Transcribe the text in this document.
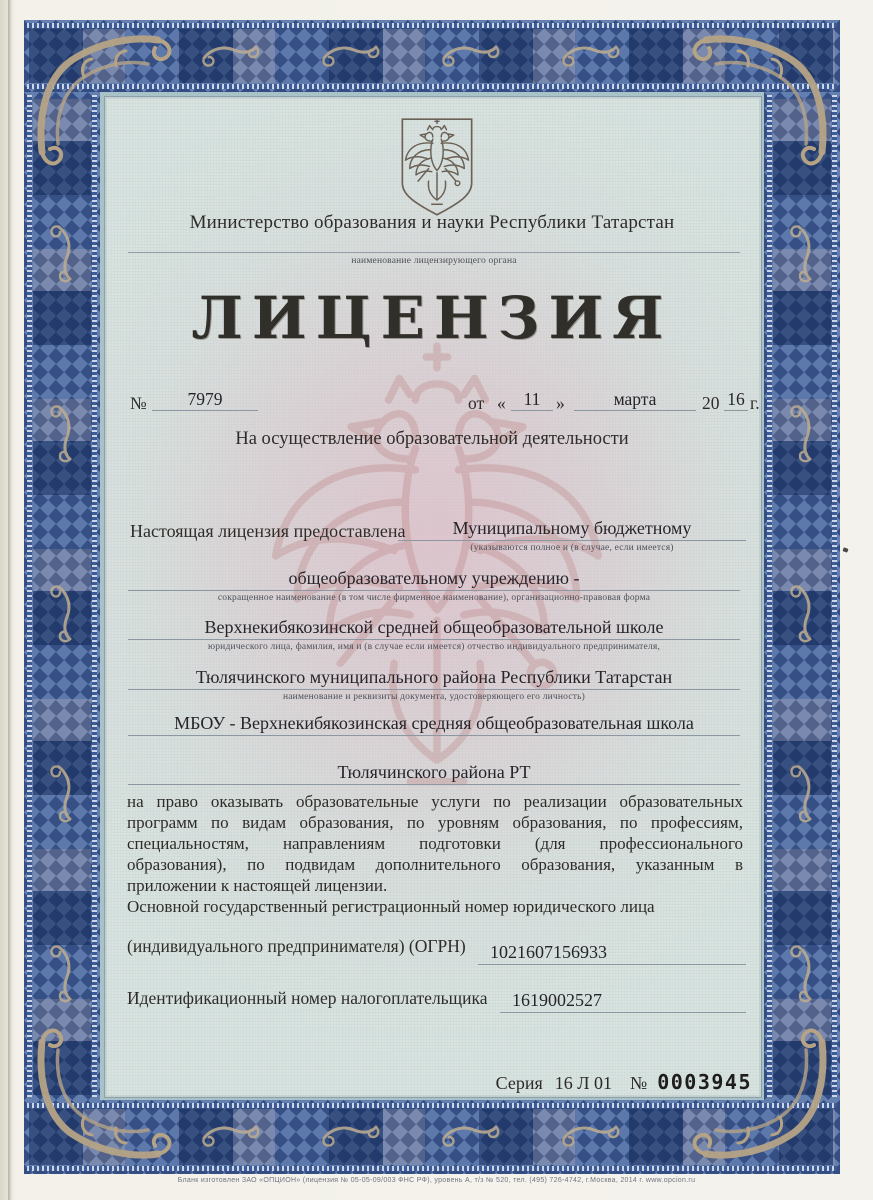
Министерство образования и науки Республики Татарстан
наименование лицензирующего органа
ЛИЦЕНЗИЯ
№	7979	от «	11 »	марта	20 16 г.
На осуществление образовательной деятельности
Настоящая лицензия предоставлена	Муниципальному бюджетному
(указываются полное и (в случае, если имеется)
общеобразовательному учреждению -
сокращенное наименование (в том числе фирменное наименование), организационно-правовая форма
Верхнекибякозинской средней общеобразовательной школе
юридического лица, фамилия, имя и (в случае если имеется) отчество индивидуального предпринимателя,
Тюлячинского муниципального района Республики Татарстан
наименование и реквизиты документа, удостоверяющего его личность)
МБОУ - Верхнекибякозинская средняя общеобразовательная школа
Тюлячинского района РТ
на право оказывать образовательные услуги по реализации образовательных
программ по видам образования, по уровням образования, по профессиям,
специальностям, направлениям подготовки (для профессионального
образования), по подвидам дополнительного образования, указанным в
приложении к настоящей лицензии.
Основной государственный регистрационный номер юридического лица
(индивидуального предпринимателя) (ОГРН)	1021607156933
Идентификационный номер налогоплательщика	1619002527
Серия 16 Л 01 № 0003945
Бланк изготовлен ЗАО «ОПЦИОН» (лицензия № 05-05-09/003 ФНС РФ), уровень А, т/з № 520, тел. (495) 726-4742, г.Москва, 2014 г. www.opcion.ru
